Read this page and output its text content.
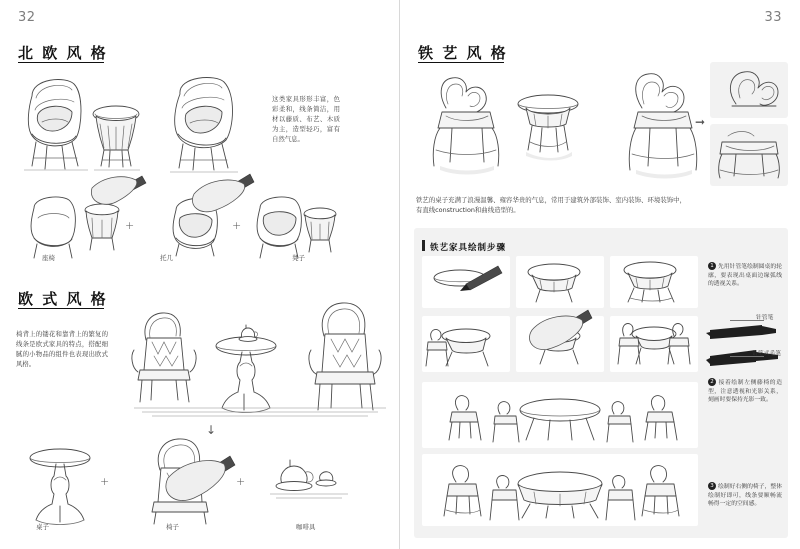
32
北 欧 风 格
这类家具形形丰富，色彩柔和，线条简洁，用材以藤质、布艺、木质为主，造型轻巧，富有自然气息。
+	+
座椅	托几	凳子
欧 式 风 格
椅背上的镂花和靠背上的繁复的线条是欧式家具的特点，搭配细腻的小物品的组件也表现出欧式风格。
↓
+	+
桌子	椅子	咖啡具
33
铁 艺 风 格
➞
铁艺的桌子充满了浪漫温馨、雍容华贵的气息，常用于建筑外部装饰、室内装饰、环境装饰中，有直线construction和曲线造型的。
铁艺家具绘制步骤
1 先用针管笔绘制圆桌的轮廓，要表现出桌面边缘弧线的透视关系。
针管笔
铅笔式毛笔
2 接着绘制左侧藤椅的造型，注意透视和光影关系，刻画时要保持光影一致。
3 绘制好右侧的椅子，整体绘制好即可，线条要顺畅流畅得一定的空间感。
